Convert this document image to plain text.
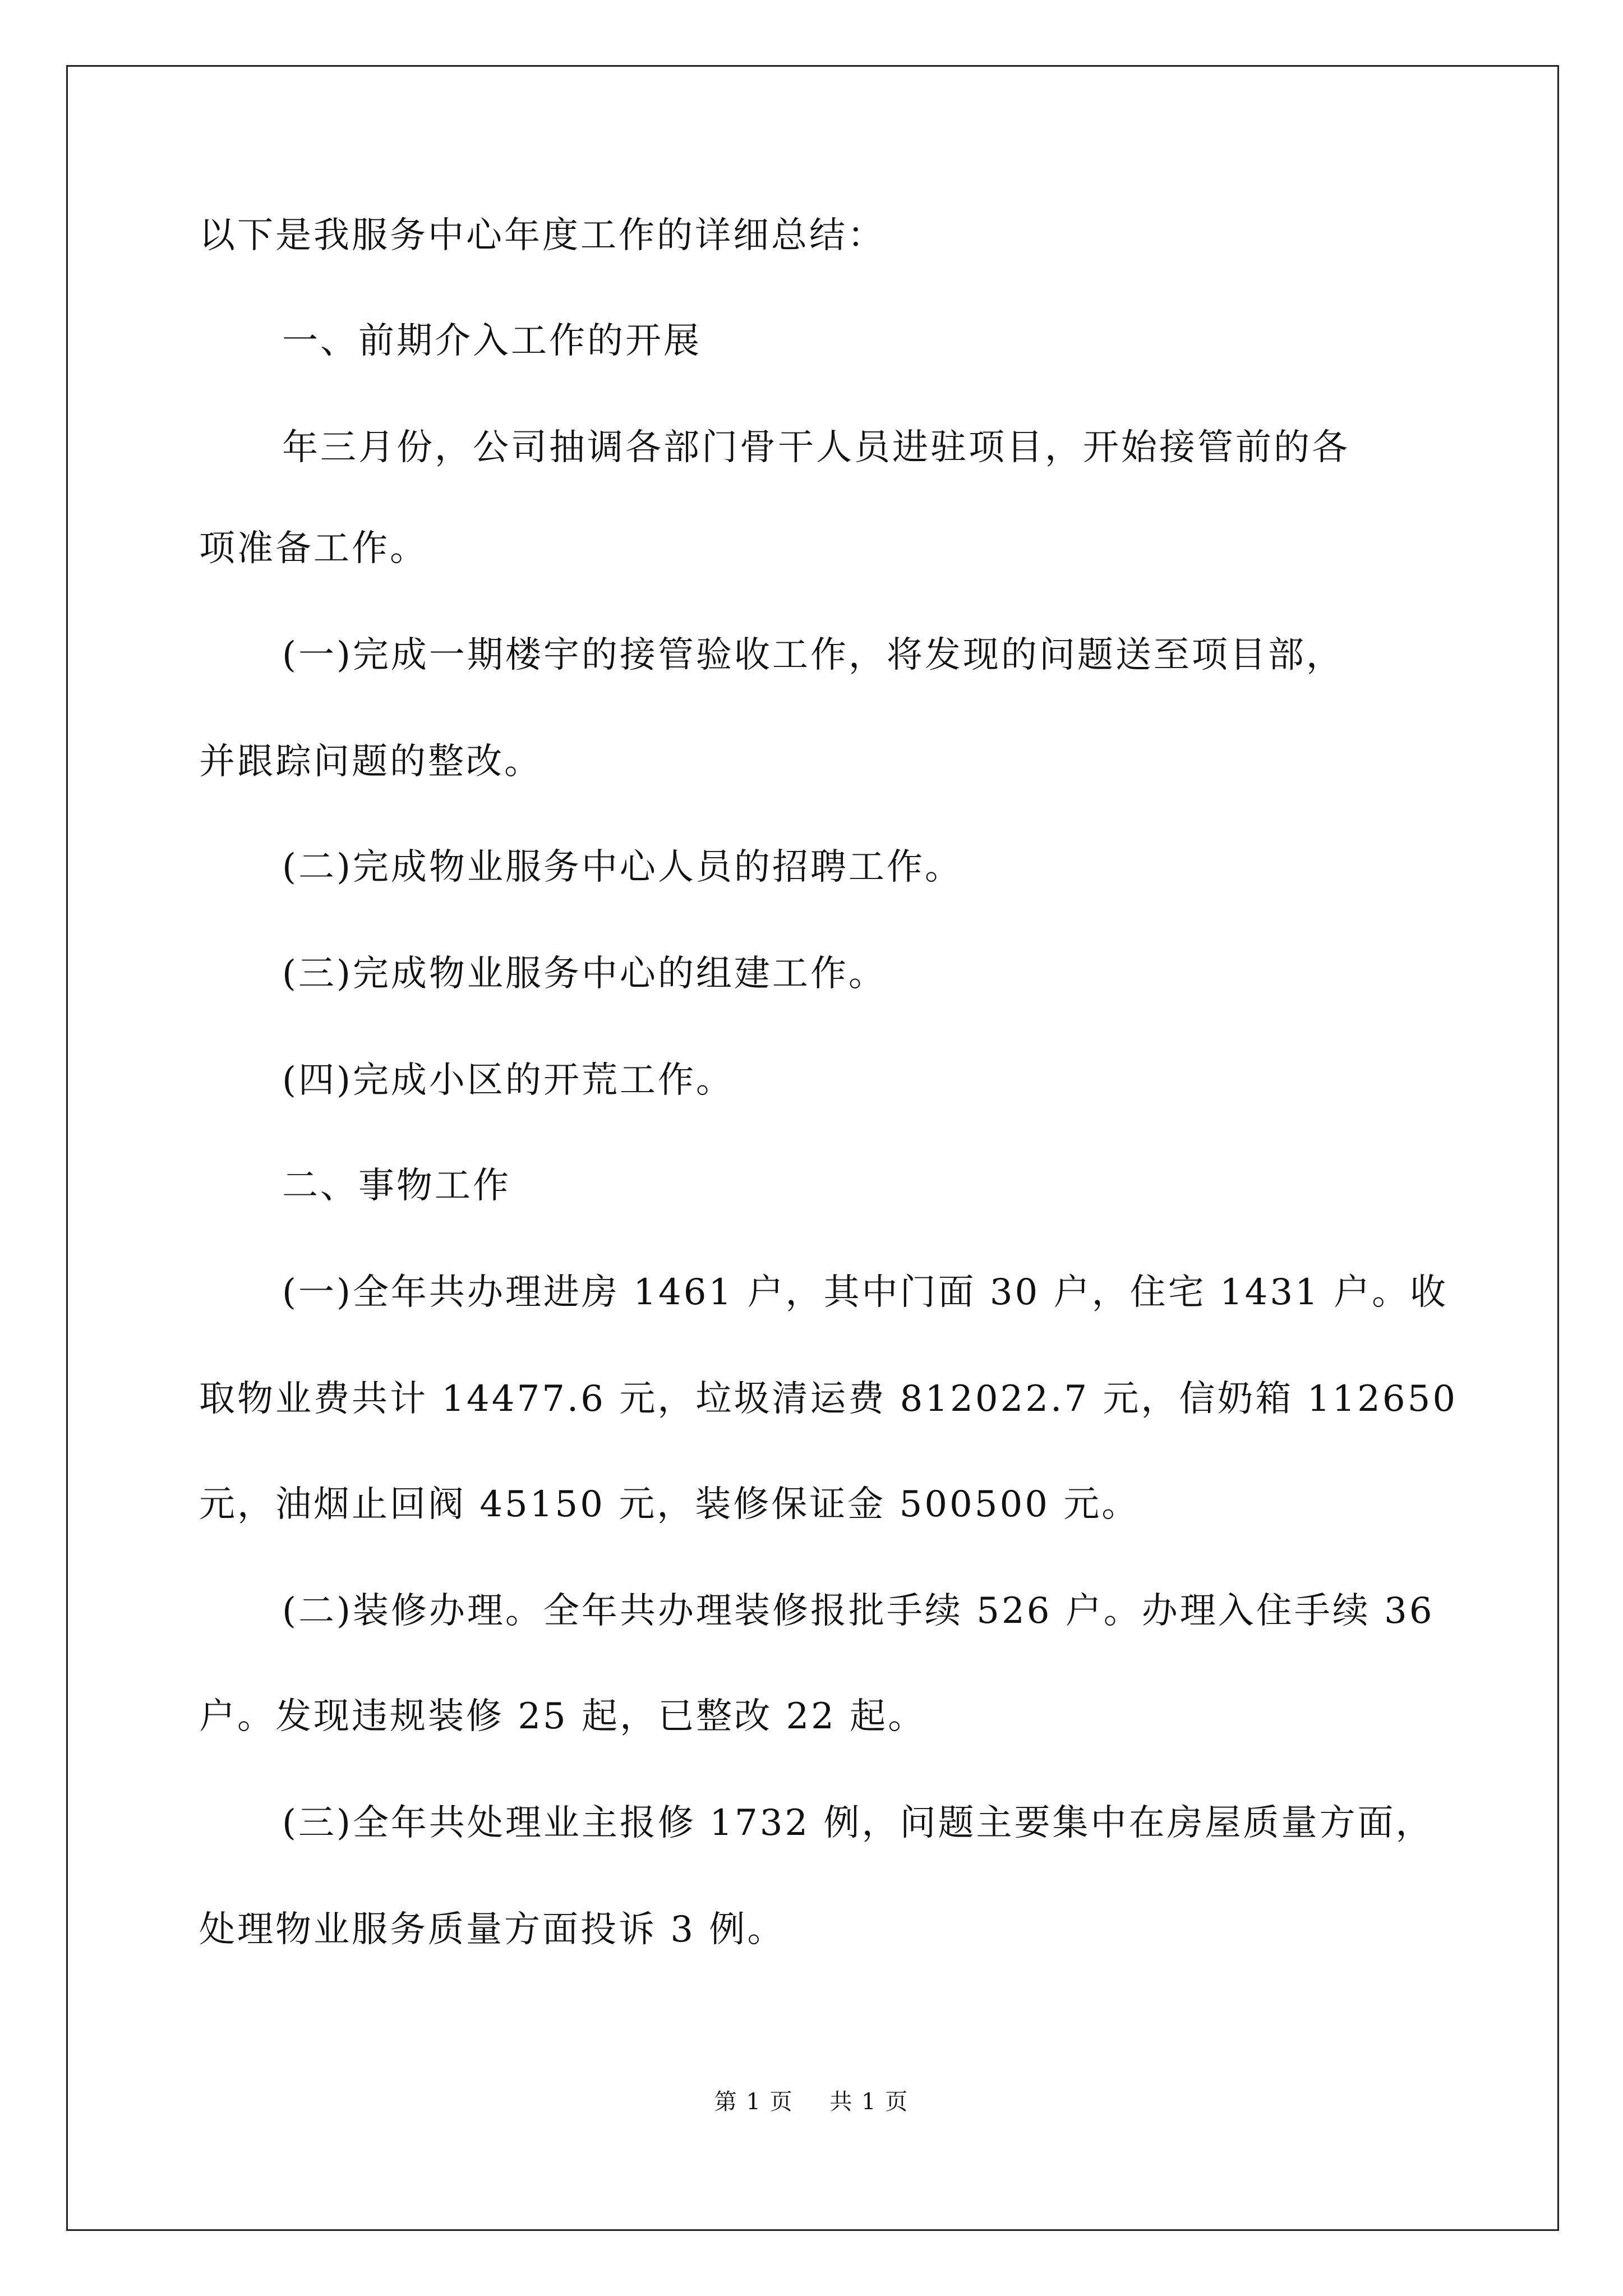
以下是我服务中心年度工作的详细总结：
一、前期介入工作的开展
年三月份，公司抽调各部门骨干人员进驻项目，开始接管前的各
项准备工作。
(一)完成一期楼宇的接管验收工作，将发现的问题送至项目部，
并跟踪问题的整改。
(二)完成物业服务中心人员的招聘工作。
(三)完成物业服务中心的组建工作。
(四)完成小区的开荒工作。
二、事物工作
(一)全年共办理进房 1461 户，其中门面 30 户，住宅 1431 户。收
取物业费共计 14477.6 元，垃圾清运费 812022.7 元，信奶箱 112650
元，油烟止回阀 45150 元，装修保证金 500500 元。
(二)装修办理。全年共办理装修报批手续 526 户。办理入住手续 36
户。发现违规装修 25 起，已整改 22 起。
(三)全年共处理业主报修 1732 例，问题主要集中在房屋质量方面，
处理物业服务质量方面投诉 3 例。
第 1 页 共 1 页
